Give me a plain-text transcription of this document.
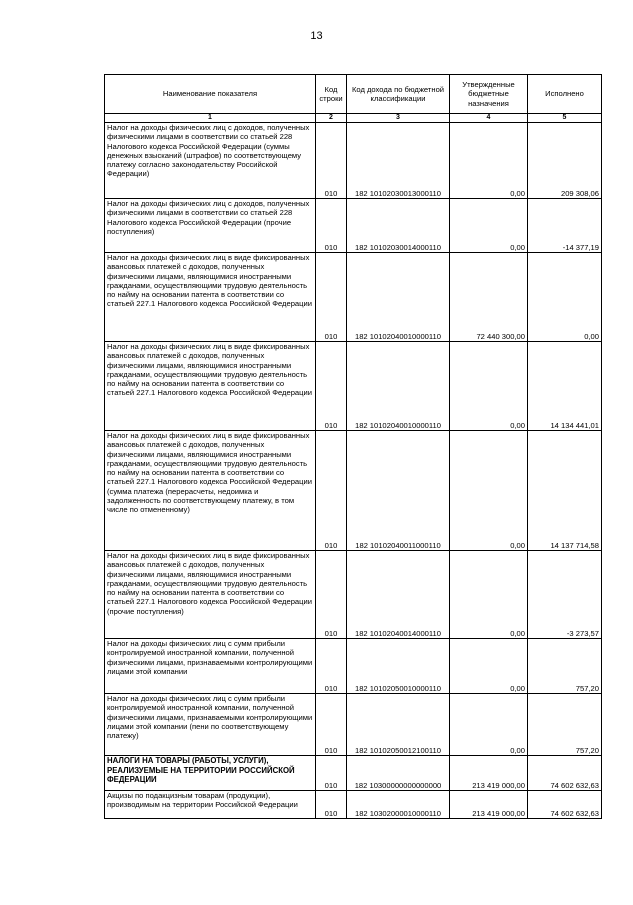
13
Наименование показателя	Код строки	Код дохода по бюджетной классификации	Утвержденные бюджетные назначения	Исполнено
1	2	3	4	5
Налог на доходы физических лиц с доходов, полученных физическими лицами в соответствии со статьей 228 Налогового кодекса Российской Федерации (суммы денежных взысканий (штрафов) по соответствующему платежу согласно законодательству Российской Федерации)	010	182 10102030013000110	0,00	209 308,06
Налог на доходы физических лиц с доходов, полученных физическими лицами в соответствии со статьей 228 Налогового кодекса Российской Федерации (прочие поступления)	010	182 10102030014000110	0,00	-14 377,19
Налог на доходы физических лиц в виде фиксированных авансовых платежей с доходов, полученных физическими лицами, являющимися иностранными гражданами, осуществляющими трудовую деятельность по найму на основании патента в соответствии со статьей 227.1 Налогового кодекса Российской Федерации	010	182 10102040010000110	72 440 300,00	0,00
Налог на доходы физических лиц в виде фиксированных авансовых платежей с доходов, полученных физическими лицами, являющимися иностранными гражданами, осуществляющими трудовую деятельность по найму на основании патента в соответствии со статьей 227.1 Налогового кодекса Российской Федерации	010	182 10102040010000110	0,00	14 134 441,01
Налог на доходы физических лиц в виде фиксированных авансовых платежей с доходов, полученных физическими лицами, являющимися иностранными гражданами, осуществляющими трудовую деятельность по найму на основании патента в соответствии со статьей 227.1 Налогового кодекса Российской Федерации (сумма платежа (перерасчеты, недоимка и задолженность по соответствующему платежу, в том числе по отмененному)	010	182 10102040011000110	0,00	14 137 714,58
Налог на доходы физических лиц в виде фиксированных авансовых платежей с доходов, полученных физическими лицами, являющимися иностранными гражданами, осуществляющими трудовую деятельность по найму на основании патента в соответствии со статьей 227.1 Налогового кодекса Российской Федерации (прочие поступления)	010	182 10102040014000110	0,00	-3 273,57
Налог на доходы физических лиц с сумм прибыли контролируемой иностранной компании, полученной физическими лицами, признаваемыми контролирующими лицами этой компании	010	182 10102050010000110	0,00	757,20
Налог на доходы физических лиц с сумм прибыли контролируемой иностранной компании, полученной физическими лицами, признаваемыми контролирующими лицами этой компании (пени по соответствующему платежу)	010	182 10102050012100110	0,00	757,20
НАЛОГИ НА ТОВАРЫ (РАБОТЫ, УСЛУГИ), РЕАЛИЗУЕМЫЕ НА ТЕРРИТОРИИ РОССИЙСКОЙ ФЕДЕРАЦИИ	010	182 10300000000000000	213 419 000,00	74 602 632,63
Акцизы по подакцизным товарам (продукции), производимым на территории Российской Федерации	010	182 10302000010000110	213 419 000,00	74 602 632,63
